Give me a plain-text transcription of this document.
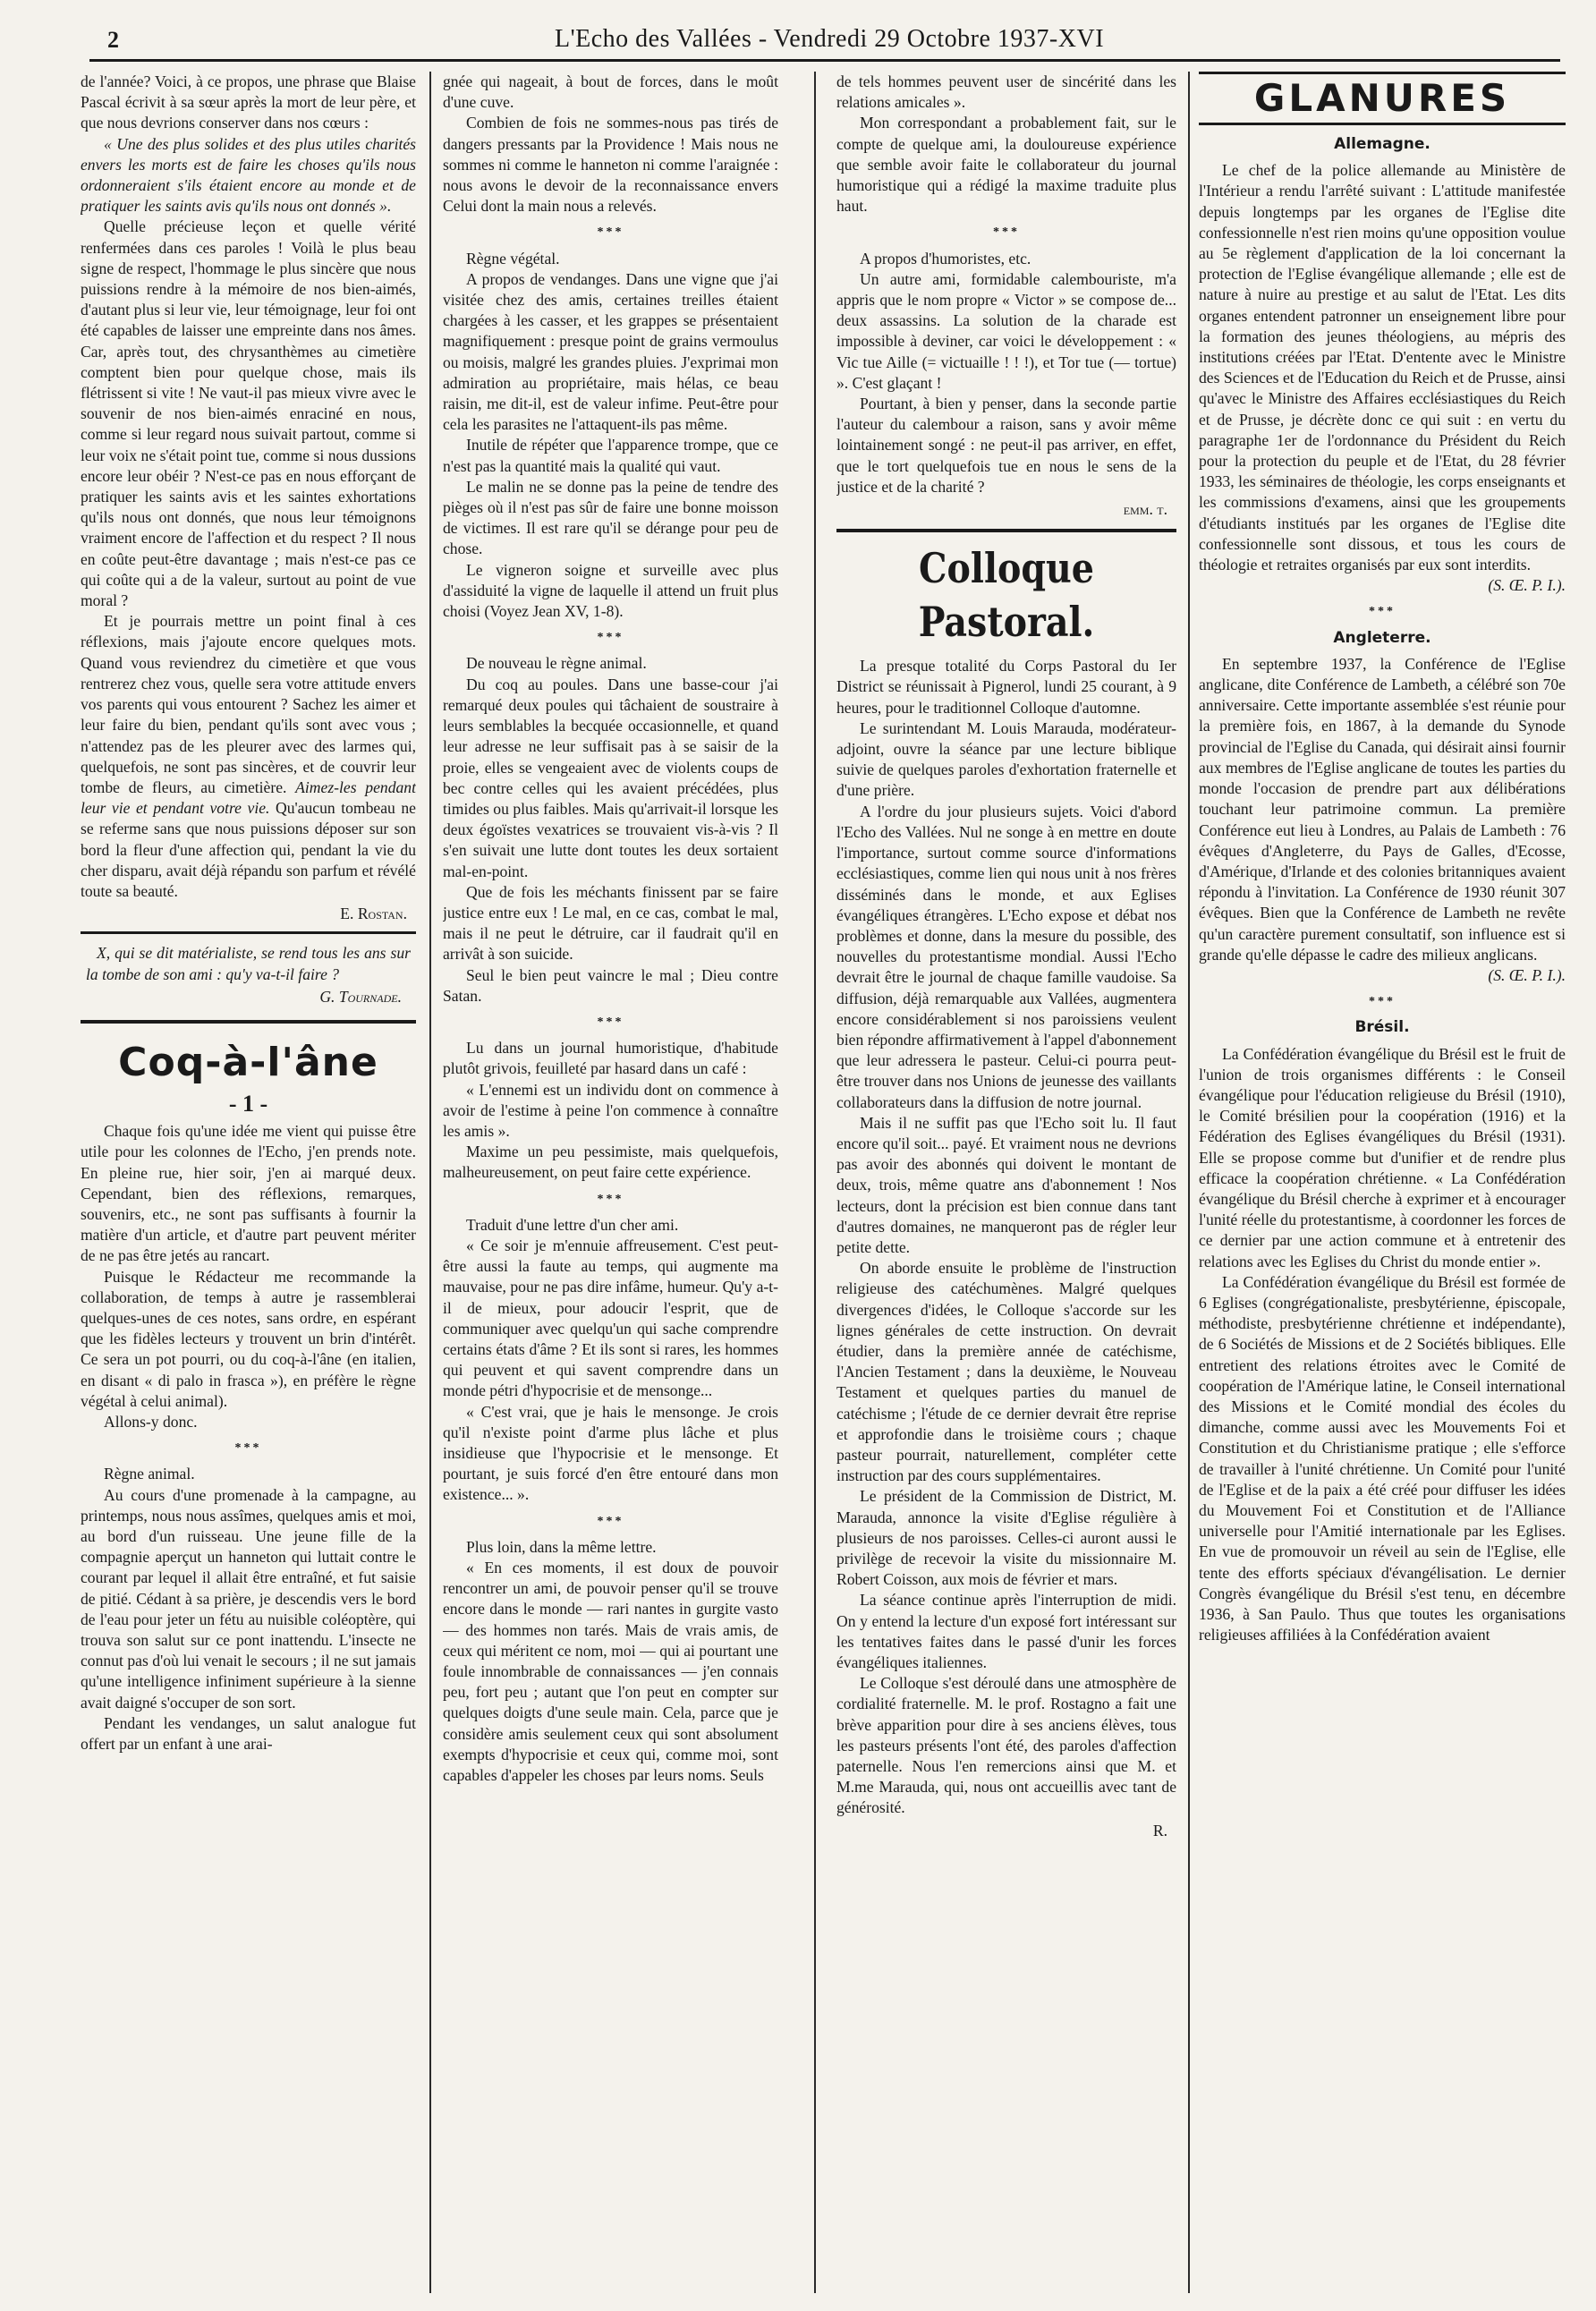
2	L'Echo des Vallées - Vendredi 29 Octobre 1937-XVI

de l'année? Voici, à ce propos, une phrase que Blaise Pascal écrivit à sa sœur après la mort de leur père, et que nous devrions conserver dans nos cœurs :

« Une des plus solides et des plus utiles charités envers les morts est de faire les choses qu'ils nous ordonneraient s'ils étaient encore au monde et de pratiquer les saints avis qu'ils nous ont donnés ».

Quelle précieuse leçon et quelle vérité renfermées dans ces paroles ! Voilà le plus beau signe de respect, l'hommage le plus sincère que nous puissions rendre à la mémoire de nos bien-aimés, d'autant plus si leur vie, leur témoignage, leur foi ont été capables de laisser une empreinte dans nos âmes. Car, après tout, des chrysanthèmes au cimetière comptent bien pour quelque chose, mais ils flétrissent si vite ! Ne vaut-il pas mieux vivre avec le souvenir de nos bien-aimés enraciné en nous, comme si leur regard nous suivait partout, comme si leur voix ne s'était point tue, comme si nous dussions encore leur obéir ? N'est-ce pas en nous efforçant de pratiquer les saints avis et les saintes exhortations qu'ils nous ont donnés, que nous leur témoignons vraiment encore de l'affection et du respect ? Il nous en coûte peut-être davantage ; mais n'est-ce pas ce qui coûte qui a de la valeur, surtout au point de vue moral ?

Et je pourrais mettre un point final à ces réflexions, mais j'ajoute encore quelques mots. Quand vous reviendrez du cimetière et que vous rentrerez chez vous, quelle sera votre attitude envers vos parents qui vous entourent ? Sachez les aimer et leur faire du bien, pendant qu'ils sont avec vous ; n'attendez pas de les pleurer avec des larmes qui, quelquefois, ne sont pas sincères, et de couvrir leur tombe de fleurs, au cimetière. Aimez-les pendant leur vie et pendant votre vie. Qu'aucun tombeau ne se referme sans que nous puissions déposer sur son bord la fleur d'une affection qui, pendant la vie du cher disparu, avait déjà répandu son parfum et révélé toute sa beauté.

E. Rostan.

X, qui se dit matérialiste, se rend tous les ans sur la tombe de son ami : qu'y va-t-il faire ?

G. Tournade.

Coq-à-l'âne
- 1 -

Chaque fois qu'une idée me vient qui puisse être utile pour les colonnes de l'Echo, j'en prends note. En pleine rue, hier soir, j'en ai marqué deux. Cependant, bien des réflexions, remarques, souvenirs, etc., ne sont pas suffisants à fournir la matière d'un article, et d'autre part peuvent mériter de ne pas être jetés au rancart.

Puisque le Rédacteur me recommande la collaboration, de temps à autre je rassemblerai quelques-unes de ces notes, sans ordre, en espérant que les fidèles lecteurs y trouvent un brin d'intérêt. Ce sera un pot pourri, ou du coq-à-l'âne (en italien, en disant « di palo in frasca »), en préfère le règne végétal à celui animal).

Allons-y donc.

***

Règne animal.

Au cours d'une promenade à la campagne, au printemps, nous nous assîmes, quelques amis et moi, au bord d'un ruisseau. Une jeune fille de la compagnie aperçut un hanneton qui luttait contre le courant par lequel il allait être entraîné, et fut saisie de pitié. Cédant à sa prière, je descendis vers le bord de l'eau pour jeter un fétu au nuisible coléoptère, qui trouva son salut sur ce pont inattendu. L'insecte ne connut pas d'où lui venait le secours ; il ne sut jamais qu'une intelligence infiniment supérieure à la sienne avait daigné s'occuper de son sort.

Pendant les vendanges, un salut analogue fut offert par un enfant à une arai-

gnée qui nageait, à bout de forces, dans le moût d'une cuve.

Combien de fois ne sommes-nous pas tirés de dangers pressants par la Providence ! Mais nous ne sommes ni comme le hanneton ni comme l'araignée : nous avons le devoir de la reconnaissance envers Celui dont la main nous a relevés.

***

Règne végétal.

A propos de vendanges. Dans une vigne que j'ai visitée chez des amis, certaines treilles étaient chargées à les casser, et les grappes se présentaient magnifiquement : presque point de grains vermoulus ou moisis, malgré les grandes pluies. J'exprimai mon admiration au propriétaire, mais hélas, ce beau raisin, me dit-il, est de valeur infime. Peut-être pour cela les parasites ne l'attaquent-ils pas même.

Inutile de répéter que l'apparence trompe, que ce n'est pas la quantité mais la qualité qui vaut.

Le malin ne se donne pas la peine de tendre des pièges où il n'est pas sûr de faire une bonne moisson de victimes. Il est rare qu'il se dérange pour peu de chose.

Le vigneron soigne et surveille avec plus d'assiduité la vigne de laquelle il attend un fruit plus choisi (Voyez Jean XV, 1-8).

***

De nouveau le règne animal.

Du coq au poules. Dans une basse-cour j'ai remarqué deux poules qui tâchaient de soustraire à leurs semblables la becquée occasionnelle, et quand leur adresse ne leur suffisait pas à se saisir de la proie, elles se vengeaient avec de violents coups de bec contre celles qui les avaient précédées, plus timides ou plus faibles. Mais qu'arrivait-il lorsque les deux égoïstes vexatrices se trouvaient vis-à-vis ? Il s'en suivait une lutte dont toutes les deux sortaient mal-en-point.

Que de fois les méchants finissent par se faire justice entre eux ! Le mal, en ce cas, combat le mal, mais il ne peut le détruire, car il faudrait qu'il en arrivât à son suicide.

Seul le bien peut vaincre le mal ; Dieu contre Satan.

***

Lu dans un journal humoristique, d'habitude plutôt grivois, feuilleté par hasard dans un café :

« L'ennemi est un individu dont on commence à avoir de l'estime à peine l'on commence à connaître les amis ».

Maxime un peu pessimiste, mais quelquefois, malheureusement, on peut faire cette expérience.

***

Traduit d'une lettre d'un cher ami.

« Ce soir je m'ennuie affreusement. C'est peut-être aussi la faute au temps, qui augmente ma mauvaise, pour ne pas dire infâme, humeur. Qu'y a-t-il de mieux, pour adoucir l'esprit, que de communiquer avec quelqu'un qui sache comprendre certains états d'âme ? Et ils sont si rares, les hommes qui peuvent et qui savent comprendre dans un monde pétri d'hypocrisie et de mensonge...

« C'est vrai, que je hais le mensonge. Je crois qu'il n'existe point d'arme plus lâche et plus insidieuse que l'hypocrisie et le mensonge. Et pourtant, je suis forcé d'en être entouré dans mon existence... ».

***

Plus loin, dans la même lettre.

« En ces moments, il est doux de pouvoir rencontrer un ami, de pouvoir penser qu'il se trouve encore dans le monde — rari nantes in gurgite vasto — des hommes non tarés. Mais de vrais amis, de ceux qui méritent ce nom, moi — qui ai pourtant une foule innombrable de connaissances — j'en connais peu, fort peu ; autant que l'on peut en compter sur quelques doigts d'une seule main. Cela, parce que je considère amis seulement ceux qui sont absolument exempts d'hypocrisie et ceux qui, comme moi, sont capables d'appeler les choses par leurs noms. Seuls

de tels hommes peuvent user de sincérité dans les relations amicales ».

Mon correspondant a probablement fait, sur le compte de quelque ami, la douloureuse expérience que semble avoir faite le collaborateur du journal humoristique qui a rédigé la maxime traduite plus haut.

***

A propos d'humoristes, etc.

Un autre ami, formidable calembouriste, m'a appris que le nom propre « Victor » se compose de... deux assassins. La solution de la charade est impossible à deviner, car voici le développement : « Vic tue Aille (= victuaille ! ! !), et Tor tue (— tortue) ». C'est glaçant !

Pourtant, à bien y penser, dans la seconde partie l'auteur du calembour a raison, sans y avoir même lointainement songé : ne peut-il pas arriver, en effet, que le tort quelquefois tue en nous le sens de la justice et de la charité ?

emm. t.

Colloque Pastoral.

La presque totalité du Corps Pastoral du Ier District se réunissait à Pignerol, lundi 25 courant, à 9 heures, pour le traditionnel Colloque d'automne.

Le surintendant M. Louis Marauda, modérateur-adjoint, ouvre la séance par une lecture biblique suivie de quelques paroles d'exhortation fraternelle et d'une prière.

A l'ordre du jour plusieurs sujets. Voici d'abord l'Echo des Vallées. Nul ne songe à en mettre en doute l'importance, surtout comme source d'informations ecclésiastiques, comme lien qui nous unit à nos frères disséminés dans le monde, et aux Eglises évangéliques étrangères. L'Echo expose et débat nos problèmes et donne, dans la mesure du possible, des nouvelles du protestantisme mondial. Aussi l'Echo devrait être le journal de chaque famille vaudoise. Sa diffusion, déjà remarquable aux Vallées, augmentera encore considérablement si nos paroissiens veulent bien répondre affirmativement à l'appel d'abonnement que leur adressera le pasteur. Celui-ci pourra peut-être trouver dans nos Unions de jeunesse des vaillants collaborateurs dans la diffusion de notre journal.

Mais il ne suffit pas que l'Echo soit lu. Il faut encore qu'il soit... payé. Et vraiment nous ne devrions pas avoir des abonnés qui doivent le montant de deux, trois, même quatre ans d'abonnement ! Nos lecteurs, dont la précision est bien connue dans tant d'autres domaines, ne manqueront pas de régler leur petite dette.

On aborde ensuite le problème de l'instruction religieuse des catéchumènes. Malgré quelques divergences d'idées, le Colloque s'accorde sur les lignes générales de cette instruction. On devrait étudier, dans la première année de catéchisme, l'Ancien Testament ; dans la deuxième, le Nouveau Testament et quelques parties du manuel de catéchisme ; l'étude de ce dernier devrait être reprise et approfondie dans le troisième cours ; chaque pasteur pourrait, naturellement, compléter cette instruction par des cours supplémentaires.

Le président de la Commission de District, M. Marauda, annonce la visite d'Eglise régulière à plusieurs de nos paroisses. Celles-ci auront aussi le privilège de recevoir la visite du missionnaire M. Robert Coisson, aux mois de février et mars.

La séance continue après l'interruption de midi. On y entend la lecture d'un exposé fort intéressant sur les tentatives faites dans le passé d'unir les forces évangéliques italiennes.

Le Colloque s'est déroulé dans une atmosphère de cordialité fraternelle. M. le prof. Rostagno a fait une brève apparition pour dire à ses anciens élèves, tous les pasteurs présents l'ont été, des paroles d'affection paternelle. Nous l'en remercions ainsi que M. et M.me Marauda, qui, nous ont accueillis avec tant de générosité.

R.

GLANURES

Allemagne.

Le chef de la police allemande au Ministère de l'Intérieur a rendu l'arrêté suivant : L'attitude manifestée depuis longtemps par les organes de l'Eglise dite confessionnelle n'est rien moins qu'une opposition voulue au 5e règlement d'application de la loi concernant la protection de l'Eglise évangélique allemande ; elle est de nature à nuire au prestige et au salut de l'Etat. Les dits organes entendent patronner un enseignement libre pour la formation des jeunes théologiens, au mépris des institutions créées par l'Etat. D'entente avec le Ministre des Sciences et de l'Education du Reich et de Prusse, ainsi qu'avec le Ministre des Affaires ecclésiastiques du Reich et de Prusse, je décrète donc ce qui suit : en vertu du paragraphe 1er de l'ordonnance du Président du Reich pour la protection du peuple et de l'Etat, du 28 février 1933, les séminaires de théologie, les corps enseignants et les commissions d'examens, ainsi que les groupements d'étudiants institués par les organes de l'Eglise dite confessionnelle sont dissous, et tous les cours de théologie et retraites organisés par eux sont interdits.

(S. Œ. P. I.).

***

Angleterre.

En septembre 1937, la Conférence de l'Eglise anglicane, dite Conférence de Lambeth, a célébré son 70e anniversaire. Cette importante assemblée s'est réunie pour la première fois, en 1867, à la demande du Synode provincial de l'Eglise du Canada, qui désirait ainsi fournir aux membres de l'Eglise anglicane de toutes les parties du monde l'occasion de prendre part aux délibérations touchant leur patrimoine commun. La première Conférence eut lieu à Londres, au Palais de Lambeth : 76 évêques d'Angleterre, du Pays de Galles, d'Ecosse, d'Amérique, d'Irlande et des colonies britanniques avaient répondu à l'invitation. La Conférence de 1930 réunit 307 évêques. Bien que la Conférence de Lambeth ne revête qu'un caractère purement consultatif, son influence est si grande qu'elle dépasse le cadre des milieux anglicans.

(S. Œ. P. I.).

***

Brésil.

La Confédération évangélique du Brésil est le fruit de l'union de trois organismes différents : le Conseil évangélique pour l'éducation religieuse du Brésil (1910), le Comité brésilien pour la coopération (1916) et la Fédération des Eglises évangéliques du Brésil (1931). Elle se propose comme but d'unifier et de rendre plus efficace la coopération chrétienne. « La Confédération évangélique du Brésil cherche à exprimer et à encourager l'unité réelle du protestantisme, à coordonner les forces de ce dernier par une action commune et à entretenir des relations avec les Eglises du Christ du monde entier ».

La Confédération évangélique du Brésil est formée de 6 Eglises (congrégationaliste, presbytérienne, épiscopale, méthodiste, presbytérienne chrétienne et indépendante), de 6 Sociétés de Missions et de 2 Sociétés bibliques. Elle entretient des relations étroites avec le Comité de coopération de l'Amérique latine, le Conseil international des Missions et le Comité mondial des écoles du dimanche, comme aussi avec les Mouvements Foi et Constitution et du Christianisme pratique ; elle s'efforce de travailler à l'unité chrétienne. Un Comité pour l'unité de l'Eglise et de la paix a été créé pour diffuser les idées du Mouvement Foi et Constitution et de l'Alliance universelle pour l'Amitié internationale par les Eglises. En vue de promouvoir un réveil au sein de l'Eglise, elle tente des efforts spéciaux d'évangélisation. Le dernier Congrès évangélique du Brésil s'est tenu, en décembre 1936, à San Paulo. Thus que toutes les organisations religieuses affiliées à la Confédération avaient
